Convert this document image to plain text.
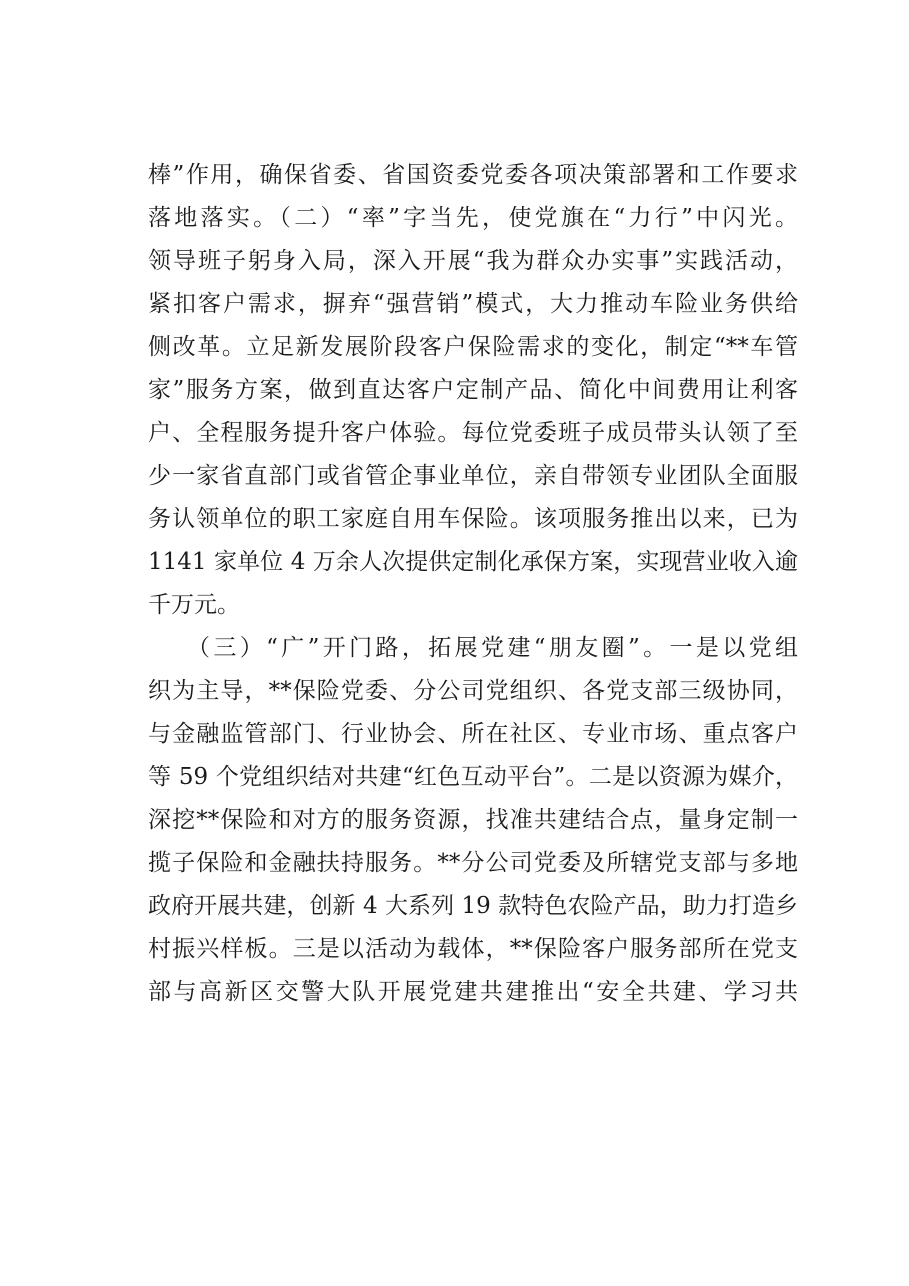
棒”作用，确保省委、省国资委党委各项决策部署和工作要求
落地落实。（二）“率”字当先，使党旗在“力行”中闪光。
领导班子躬身入局，深入开展“我为群众办实事”实践活动，
紧扣客户需求，摒弃“强营销”模式，大力推动车险业务供给
侧改革。立足新发展阶段客户保险需求的变化，制定“**车管
家”服务方案，做到直达客户定制产品、简化中间费用让利客
户、全程服务提升客户体验。每位党委班子成员带头认领了至
少一家省直部门或省管企事业单位，亲自带领专业团队全面服
务认领单位的职工家庭自用车保险。该项服务推出以来，已为
1141 家单位 4 万余人次提供定制化承保方案，实现营业收入逾
千万元。
（三）“广”开门路，拓展党建“朋友圈”。一是以党组
织为主导，**保险党委、分公司党组织、各党支部三级协同，
与金融监管部门、行业协会、所在社区、专业市场、重点客户
等 59 个党组织结对共建“红色互动平台”。二是以资源为媒介，
深挖**保险和对方的服务资源，找准共建结合点，量身定制一
揽子保险和金融扶持服务。**分公司党委及所辖党支部与多地
政府开展共建，创新 4 大系列 19 款特色农险产品，助力打造乡
村振兴样板。三是以活动为载体，**保险客户服务部所在党支
部与高新区交警大队开展党建共建推出“安全共建、学习共
